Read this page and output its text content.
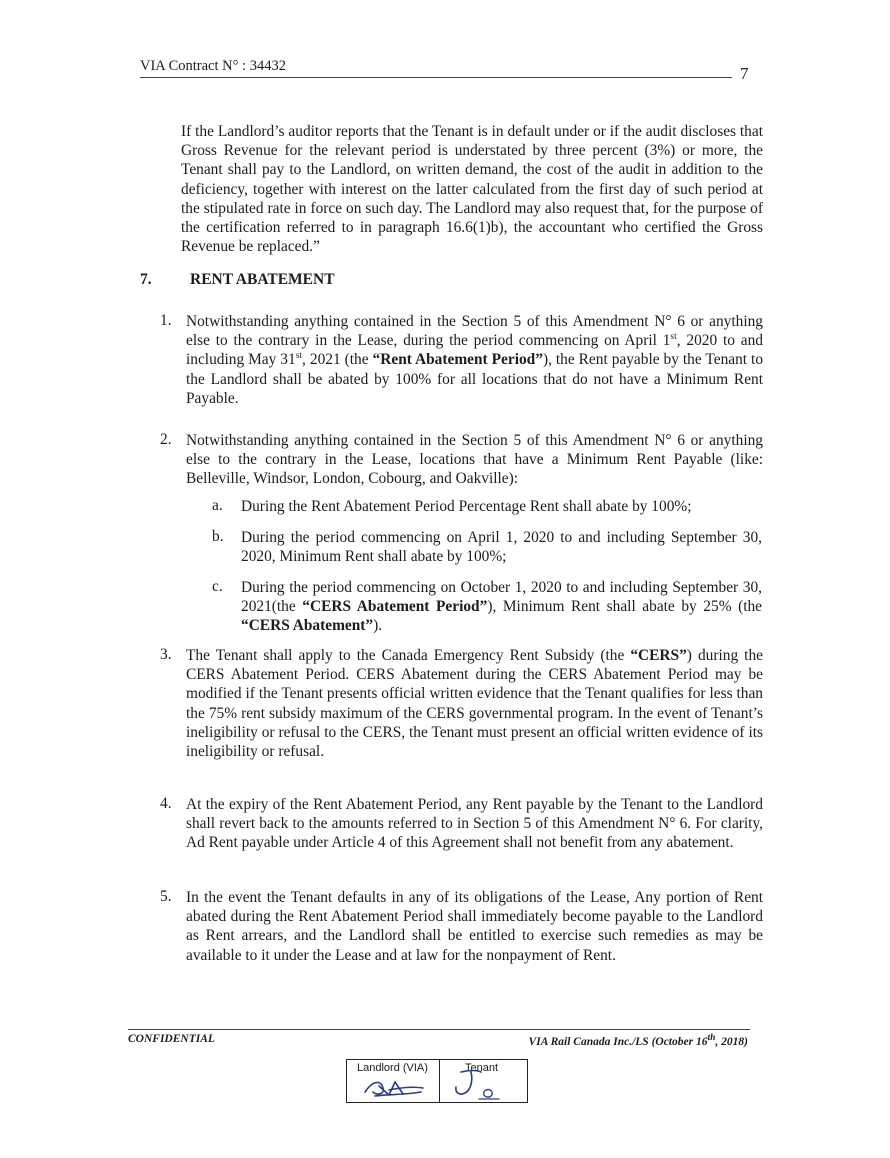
VIA Contract N° : 34432	7
If the Landlord’s auditor reports that the Tenant is in default under or if the audit discloses that Gross Revenue for the relevant period is understated by three percent (3%) or more, the Tenant shall pay to the Landlord, on written demand, the cost of the audit in addition to the deficiency, together with interest on the latter calculated from the first day of such period at the stipulated rate in force on such day. The Landlord may also request that, for the purpose of the certification referred to in paragraph 16.6(1)b), the accountant who certified the Gross Revenue be replaced.”
7. RENT ABATEMENT
1. Notwithstanding anything contained in the Section 5 of this Amendment N° 6 or anything else to the contrary in the Lease, during the period commencing on April 1st, 2020 to and including May 31st, 2021 (the “Rent Abatement Period”), the Rent payable by the Tenant to the Landlord shall be abated by 100% for all locations that do not have a Minimum Rent Payable.
2. Notwithstanding anything contained in the Section 5 of this Amendment N° 6 or anything else to the contrary in the Lease, locations that have a Minimum Rent Payable (like: Belleville, Windsor, London, Cobourg, and Oakville):
a. During the Rent Abatement Period Percentage Rent shall abate by 100%;
b. During the period commencing on April 1, 2020 to and including September 30, 2020, Minimum Rent shall abate by 100%;
c. During the period commencing on October 1, 2020 to and including September 30, 2021(the “CERS Abatement Period”), Minimum Rent shall abate by 25% (the “CERS Abatement”).
3. The Tenant shall apply to the Canada Emergency Rent Subsidy (the “CERS”) during the CERS Abatement Period. CERS Abatement during the CERS Abatement Period may be modified if the Tenant presents official written evidence that the Tenant qualifies for less than the 75% rent subsidy maximum of the CERS governmental program. In the event of Tenant’s ineligibility or refusal to the CERS, the Tenant must present an official written evidence of its ineligibility or refusal.
4. At the expiry of the Rent Abatement Period, any Rent payable by the Tenant to the Landlord shall revert back to the amounts referred to in Section 5 of this Amendment N° 6. For clarity, Ad Rent payable under Article 4 of this Agreement shall not benefit from any abatement.
5. In the event the Tenant defaults in any of its obligations of the Lease, Any portion of Rent abated during the Rent Abatement Period shall immediately become payable to the Landlord as Rent arrears, and the Landlord shall be entitled to exercise such remedies as may be available to it under the Lease and at law for the nonpayment of Rent.
CONFIDENTIAL	VIA Rail Canada Inc./LS (October 16th, 2018)
Landlord (VIA)	Tenant
